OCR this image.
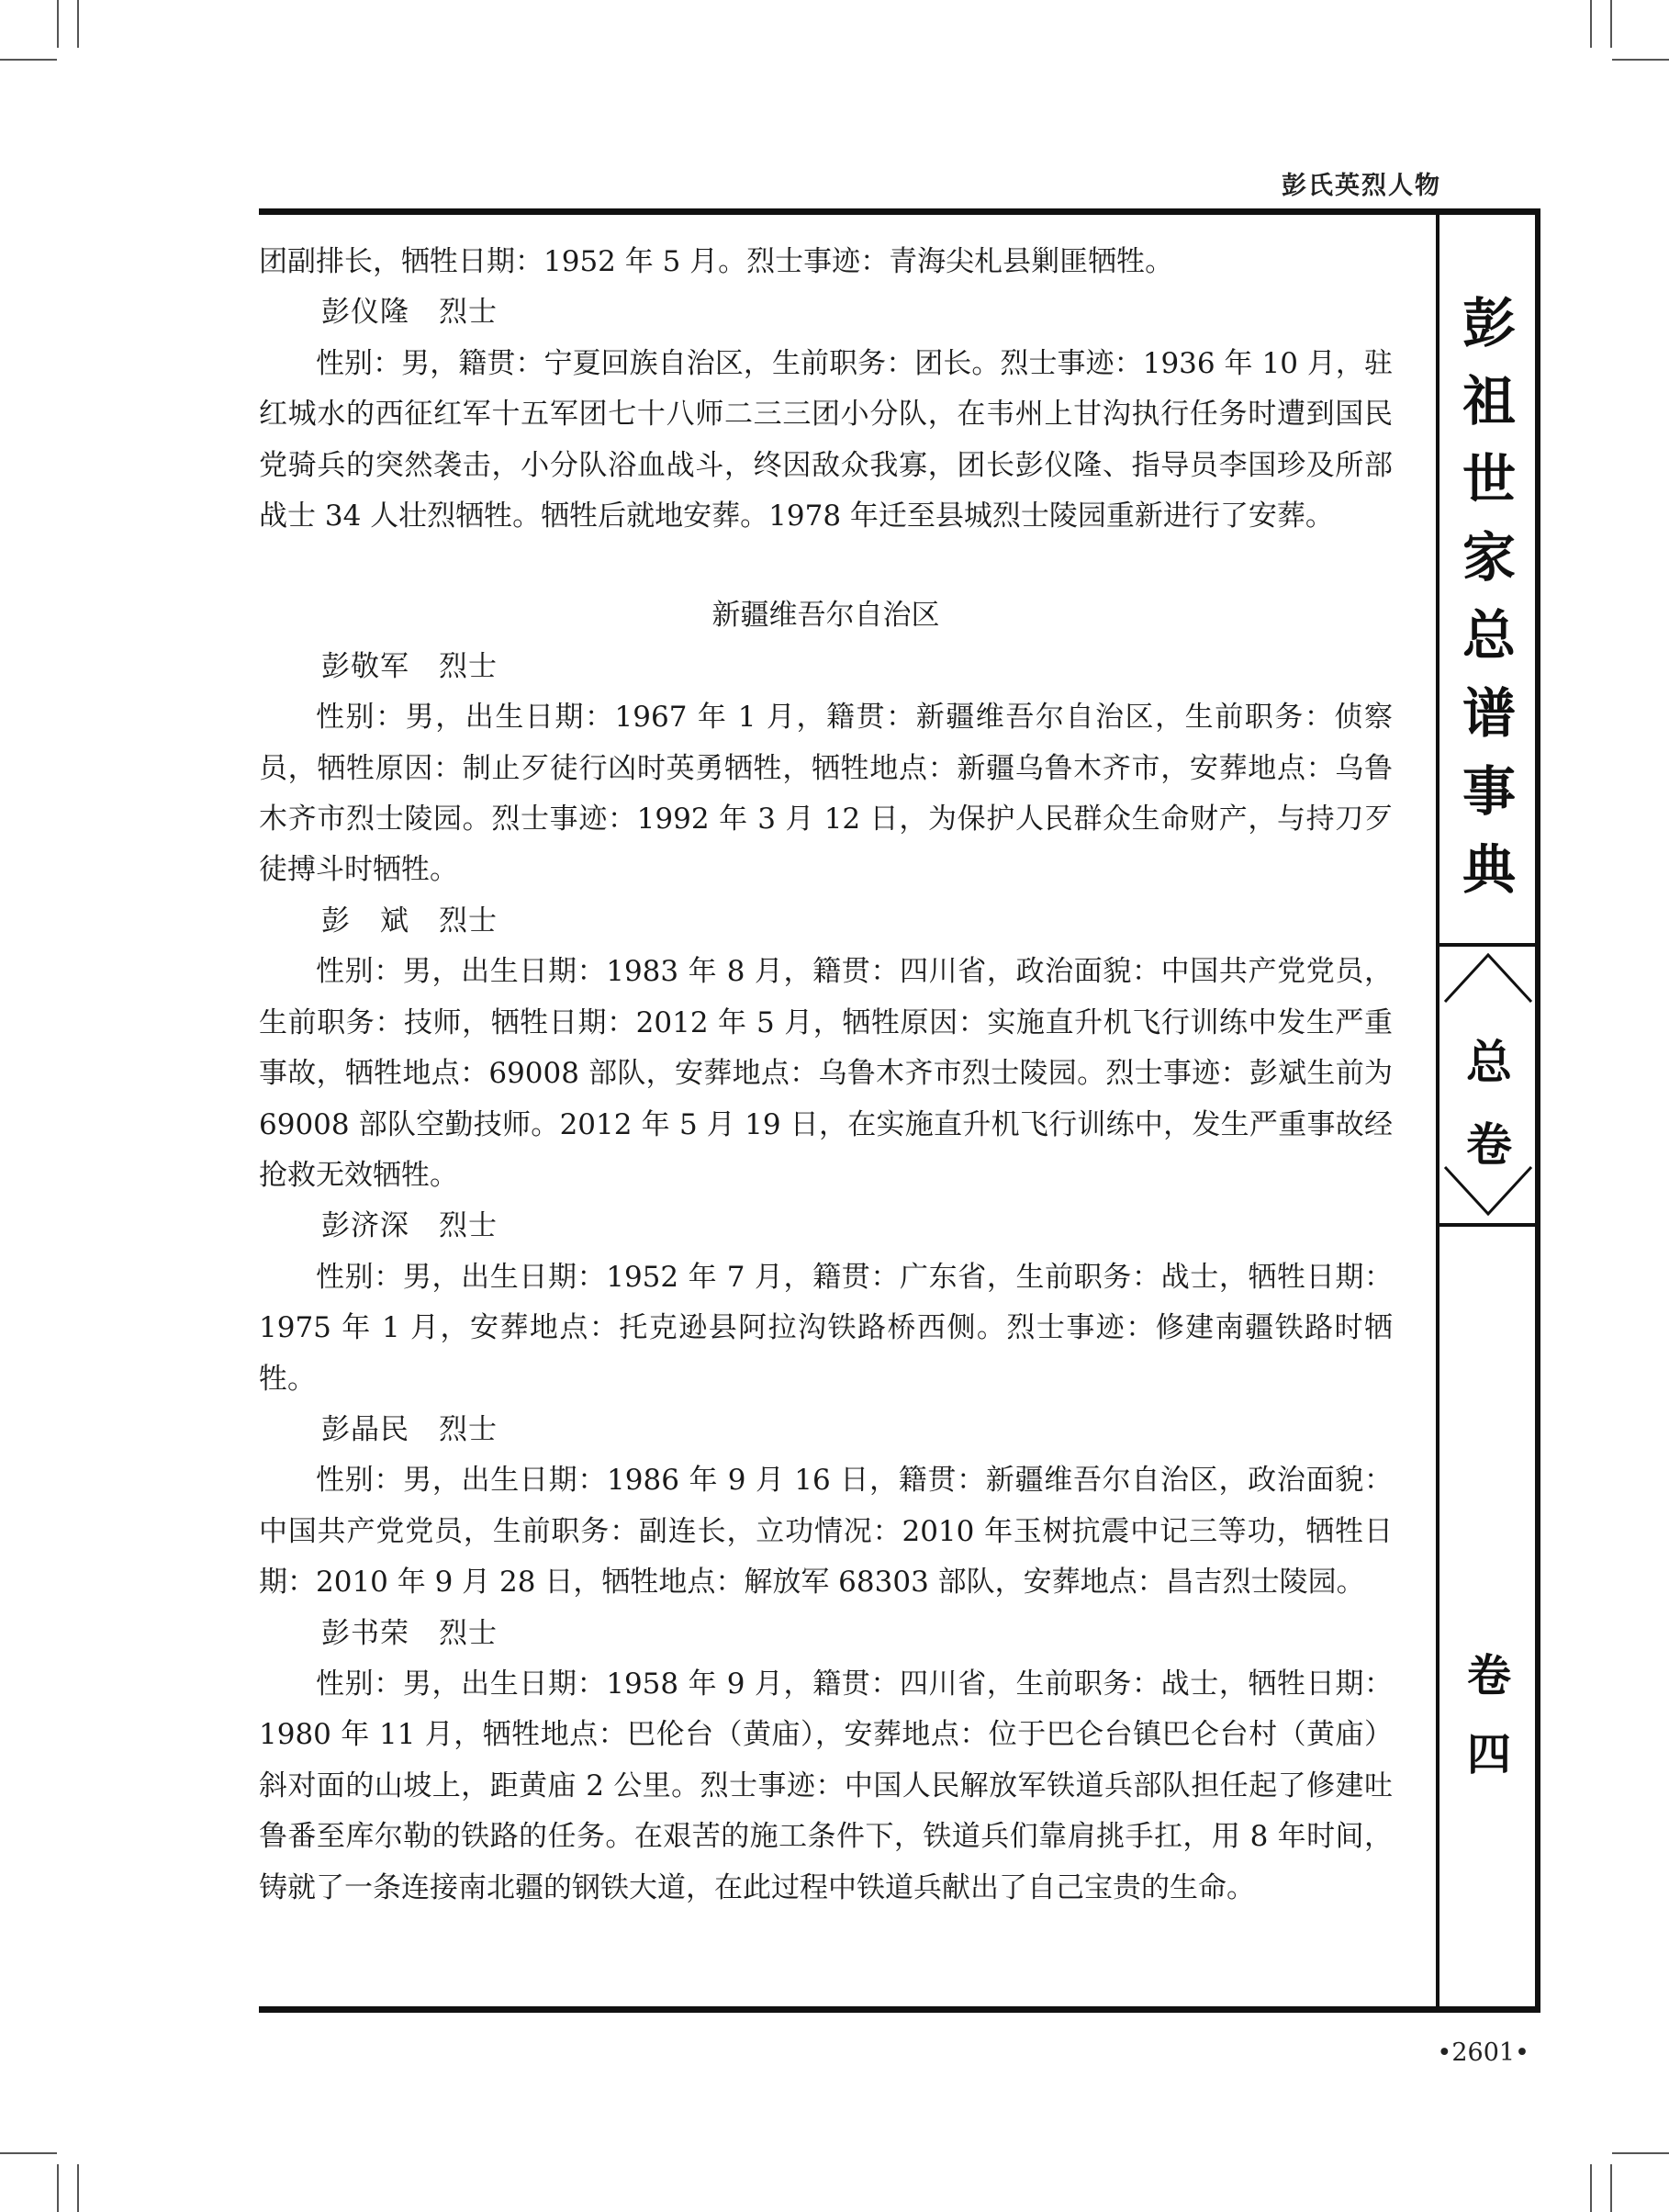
彭氏英烈人物
彭
祖
世
家
总
谱
事
典
总
卷
卷
四

团副排长，牺牲日期：1952 年 5 月。烈士事迹：青海尖札县剿匪牺牲。

彭仪隆　烈士

性别：男，籍贯：宁夏回族自治区，生前职务：团长。烈士事迹：1936 年 10 月，驻红城水的西征红军十五军团七十八师二三三团小分队，在韦州上甘沟执行任务时遭到国民党骑兵的突然袭击，小分队浴血战斗，终因敌众我寡，团长彭仪隆、指导员李国珍及所部战士 34 人壮烈牺牲。牺牲后就地安葬。1978 年迁至县城烈士陵园重新进行了安葬。

新疆维吾尔自治区

彭敬军　烈士

性别：男，出生日期：1967 年 1 月，籍贯：新疆维吾尔自治区，生前职务：侦察员，牺牲原因：制止歹徒行凶时英勇牺牲，牺牲地点：新疆乌鲁木齐市，安葬地点：乌鲁木齐市烈士陵园。烈士事迹：1992 年 3 月 12 日，为保护人民群众生命财产，与持刀歹徒搏斗时牺牲。

彭　斌　烈士

性别：男，出生日期：1983 年 8 月，籍贯：四川省，政治面貌：中国共产党党员，生前职务：技师，牺牲日期：2012 年 5 月，牺牲原因：实施直升机飞行训练中发生严重事故，牺牲地点：69008 部队，安葬地点：乌鲁木齐市烈士陵园。烈士事迹：彭斌生前为 69008 部队空勤技师。2012 年 5 月 19 日，在实施直升机飞行训练中，发生严重事故经抢救无效牺牲。

彭济深　烈士

性别：男，出生日期：1952 年 7 月，籍贯：广东省，生前职务：战士，牺牲日期：1975 年 1 月，安葬地点：托克逊县阿拉沟铁路桥西侧。烈士事迹：修建南疆铁路时牺牲。

彭晶民　烈士

性别：男，出生日期：1986 年 9 月 16 日，籍贯：新疆维吾尔自治区，政治面貌：中国共产党党员，生前职务：副连长，立功情况：2010 年玉树抗震中记三等功，牺牲日期：2010 年 9 月 28 日，牺牲地点：解放军 68303 部队，安葬地点：昌吉烈士陵园。

彭书荣　烈士

性别：男，出生日期：1958 年 9 月，籍贯：四川省，生前职务：战士，牺牲日期：1980 年 11 月，牺牲地点：巴伦台（黄庙），安葬地点：位于巴仑台镇巴仑台村（黄庙）斜对面的山坡上，距黄庙 2 公里。烈士事迹：中国人民解放军铁道兵部队担任起了修建吐鲁番至库尔勒的铁路的任务。在艰苦的施工条件下，铁道兵们靠肩挑手扛，用 8 年时间，铸就了一条连接南北疆的钢铁大道，在此过程中铁道兵献出了自己宝贵的生命。

•2601•
